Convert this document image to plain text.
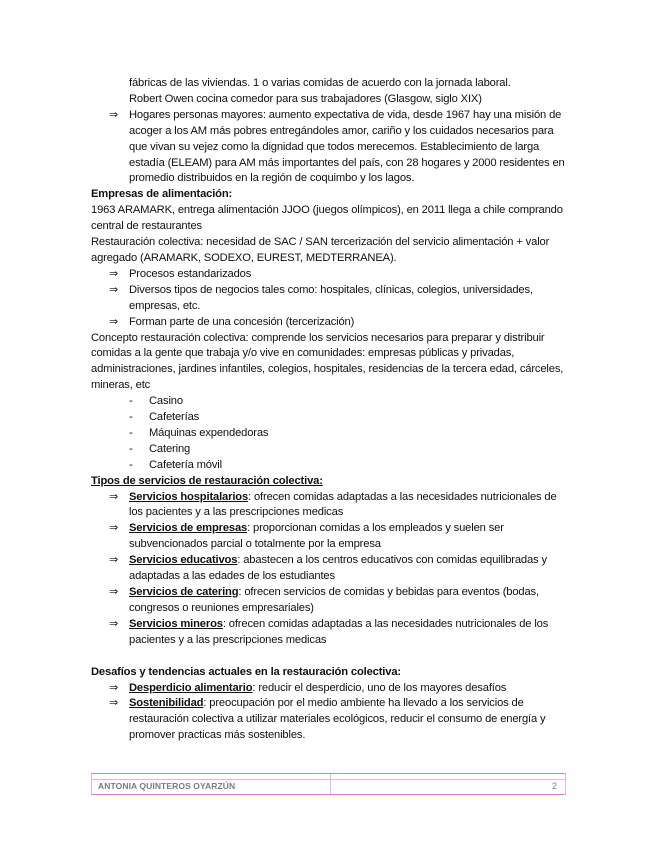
fábricas de las viviendas. 1 o varias comidas de acuerdo con la jornada laboral.

Robert Owen cocina comedor para sus trabajadores (Glasgow, siglo XIX)

⇒ Hogares personas mayores: aumento expectativa de vida, desde 1967 hay una misión de acoger a los AM más pobres entregándoles amor, cariño y los cuidados necesarios para que vivan su vejez como la dignidad que todos merecemos. Establecimiento de larga estadía (ELEAM) para AM más importantes del país, con 28 hogares y 2000 residentes en promedio distribuidos en la región de coquimbo y los lagos.

Empresas de alimentación:

1963 ARAMARK, entrega alimentación JJOO (juegos olímpicos), en 2011 llega a chile comprando central de restaurantes

Restauración colectiva: necesidad de SAC / SAN tercerización del servicio alimentación + valor agregado (ARAMARK, SODEXO, EUREST, MEDTERRANEA).

⇒ Procesos estandarizados
⇒ Diversos tipos de negocios tales como: hospitales, clínicas, colegios, universidades, empresas, etc.
⇒ Forman parte de una concesión (tercerización)

Concepto restauración colectiva: comprende los servicios necesarios para preparar y distribuir comidas a la gente que trabaja y/o vive en comunidades: empresas públicas y privadas, administraciones, jardines infantiles, colegios, hospitales, residencias de la tercera edad, cárceles, mineras, etc

- Casino
- Cafeterías
- Máquinas expendedoras
- Catering
- Cafetería móvil

Tipos de servicios de restauración colectiva:

⇒ Servicios hospitalarios: ofrecen comidas adaptadas a las necesidades nutricionales de los pacientes y a las prescripciones medicas
⇒ Servicios de empresas: proporcionan comidas a los empleados y suelen ser subvencionados parcial o totalmente por la empresa
⇒ Servicios educativos: abastecen a los centros educativos con comidas equilibradas y adaptadas a las edades de los estudiantes
⇒ Servicios de catering: ofrecen servicios de comidas y bebidas para eventos (bodas, congresos o reuniones empresariales)
⇒ Servicios mineros: ofrecen comidas adaptadas a las necesidades nutricionales de los pacientes y a las prescripciones medicas

Desafíos y tendencias actuales en la restauración colectiva:

⇒ Desperdicio alimentario: reducir el desperdicio, uno de los mayores desafíos
⇒ Sostenibilidad: preocupación por el medio ambiente ha llevado a los servicios de restauración colectiva a utilizar materiales ecológicos, reducir el consumo de energía y promover practicas más sostenibles.
ANTONIA QUINTEROS OYARZÚN	2
